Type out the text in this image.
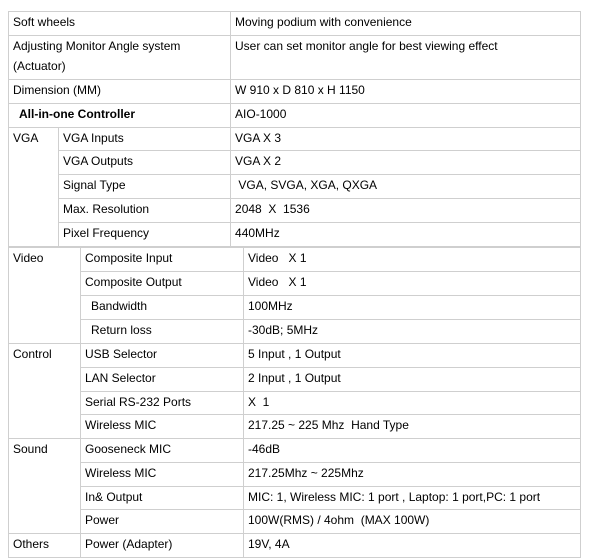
Soft wheels		Moving podium with convenience
Adjusting Monitor Angle system
(Actuator)		User can set monitor angle for best viewing effect
Dimension (MM)		W 910 x D 810 x H 1150
All-in-one Controller		AIO-1000
VGA	VGA Inputs	VGA X 3
	VGA Outputs	VGA X 2
	Signal Type	VGA, SVGA, XGA, QXGA
	Max. Resolution	2048  X  1536
	Pixel Frequency	440MHz
Video	Composite Input	Video   X 1
	Composite Output	Video   X 1
	Bandwidth	100MHz
	Return loss	-30dB; 5MHz
Control	USB Selector	5 Input , 1 Output
	LAN Selector	2 Input , 1 Output
	Serial RS-232 Ports	X  1
	Wireless MIC	217.25 ~ 225 Mhz  Hand Type
Sound	Gooseneck MIC	-46dB
	Wireless MIC	217.25Mhz ~ 225Mhz
	In& Output	MIC: 1, Wireless MIC: 1 port , Laptop: 1 port,PC: 1 port
	Power	100W(RMS) / 4ohm  (MAX 100W)
Others	Power (Adapter)	19V, 4A
